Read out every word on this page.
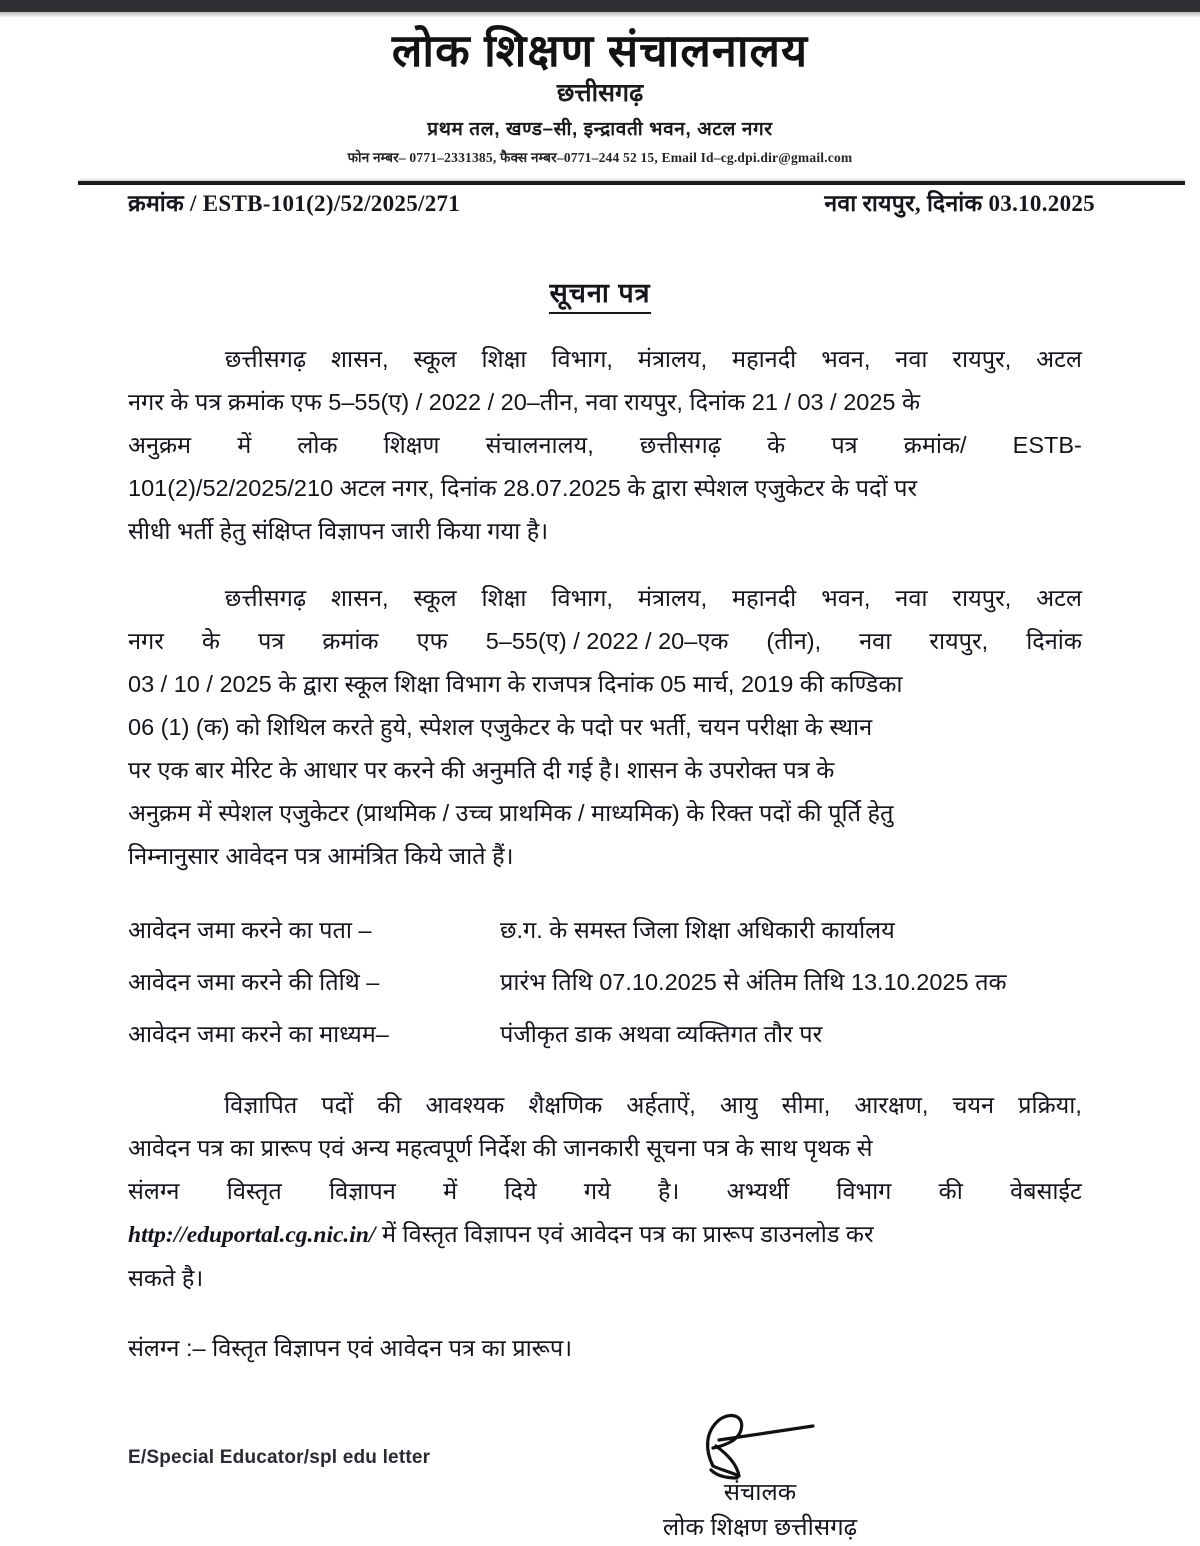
लोक शिक्षण संचालनालय
छत्तीसगढ़
प्रथम तल, खण्ड–सी, इन्द्रावती भवन, अटल नगर
फोन नम्बर– 0771–2331385, फैक्स नम्बर–0771–244 52 15, Email Id–cg.dpi.dir@gmail.com
क्रमांक / ESTB-101(2)/52/2025/271	नवा रायपुर, दिनांक 03.10.2025
सूचना पत्र
छत्तीसगढ़ शासन, स्कूल शिक्षा विभाग, मंत्रालय, महानदी भवन, नवा रायपुर, अटल
नगर के पत्र क्रमांक एफ 5–55(ए) / 2022 / 20–तीन, नवा रायपुर, दिनांक 21 / 03 / 2025 के
अनुक्रम में लोक शिक्षण संचालनालय, छत्तीसगढ़ के पत्र क्रमांक/ ESTB-
101(2)/52/2025/210 अटल नगर, दिनांक 28.07.2025 के द्वारा स्पेशल एजुकेटर के पदों पर
सीधी भर्ती हेतु संक्षिप्त विज्ञापन जारी किया गया है।
छत्तीसगढ़ शासन, स्कूल शिक्षा विभाग, मंत्रालय, महानदी भवन, नवा रायपुर, अटल
नगर के पत्र क्रमांक एफ 5–55(ए) / 2022 / 20–एक (तीन), नवा रायपुर, दिनांक
03 / 10 / 2025 के द्वारा स्कूल शिक्षा विभाग के राजपत्र दिनांक 05 मार्च, 2019 की कण्डिका
06 (1) (क) को शिथिल करते हुये, स्पेशल एजुकेटर के पदो पर भर्ती, चयन परीक्षा के स्थान
पर एक बार मेरिट के आधार पर करने की अनुमति दी गई है। शासन के उपरोक्त पत्र के
अनुक्रम में स्पेशल एजुकेटर (प्राथमिक / उच्च प्राथमिक / माध्यमिक) के रिक्त पदों की पूर्ति हेतु
निम्नानुसार आवेदन पत्र आमंत्रित किये जाते हैं।
आवेदन जमा करने का पता –	छ.ग. के समस्त जिला शिक्षा अधिकारी कार्यालय
आवेदन जमा करने की तिथि –	प्रारंभ तिथि 07.10.2025 से अंतिम तिथि 13.10.2025 तक
आवेदन जमा करने का माध्यम–	पंजीकृत डाक अथवा व्यक्तिगत तौर पर
विज्ञापित पदों की आवश्यक शैक्षणिक अर्हताऐं, आयु सीमा, आरक्षण, चयन प्रक्रिया,
आवेदन पत्र का प्रारूप एवं अन्य महत्वपूर्ण निर्देश की जानकारी सूचना पत्र के साथ पृथक से
संलग्न विस्तृत विज्ञापन में दिये गये है। अभ्यर्थी विभाग की वेबसाईट
http://eduportal.cg.nic.in/ में विस्तृत विज्ञापन एवं आवेदन पत्र का प्रारूप डाउनलोड कर
सकते है।
संलग्न :– विस्तृत विज्ञापन एवं आवेदन पत्र का प्रारूप।
संचालक
लोक शिक्षण छत्तीसगढ़
E/Special Educator/spl edu letter
